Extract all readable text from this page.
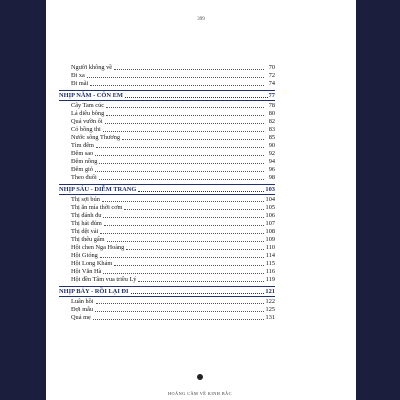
399
Người không về	70
Đi xa	72
Đi mãi	74
NHỊP NĂM - CÔN EM	77
Cây Tam cúc	78
Lá diêu bông	80
Quả vườn ổi	82
Cỏ bồng thi	83
Nước sông Thương	85
Tìm đêm	90
Đêm sao	92
Đêm nồng	94
Đêm gió	96
Theo đuổi	98
NHỊP SÁU - DIỄM TRANG	103
Thị sợi bún	104
Thị ăn mía thời cơm	105
Thị đánh đu	106
Thị hát đúm	107
Thị dệt vải	108
Thị thêu gấm	109
Hội chen Nga Hoàng	110
Hội Gióng	114
Hội Long Khám	115
Hội Văn Hà	116
Hội đền Tâm vua triều Lý	119
NHỊP BẢY - RỒI LẠI ĐI	121
Luân hồi	122
Đợi mẫu	125
Quả mẹ	131
HOÀNG CẦM VỀ KINH BẮC
